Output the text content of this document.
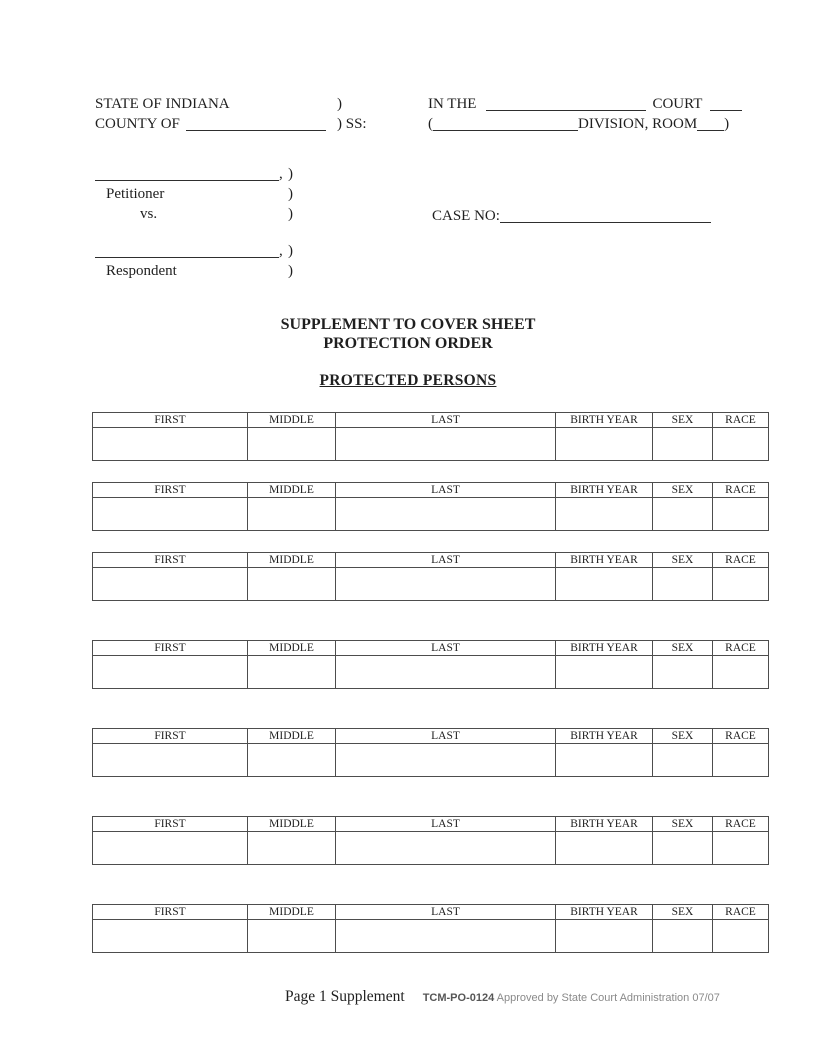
STATE OF INDIANA	)
COUNTY OF	) SS:
IN THE	COURT
(	DIVISION, ROOM )
, )
Petitioner	)
vs.	)
, )
Respondent	)
CASE NO:
SUPPLEMENT TO COVER SHEET
PROTECTION ORDER
PROTECTED PERSONS
FIRST	MIDDLE	LAST	BIRTH YEAR	SEX	RACE

FIRST	MIDDLE	LAST	BIRTH YEAR	SEX	RACE

FIRST	MIDDLE	LAST	BIRTH YEAR	SEX	RACE

FIRST	MIDDLE	LAST	BIRTH YEAR	SEX	RACE

FIRST	MIDDLE	LAST	BIRTH YEAR	SEX	RACE

FIRST	MIDDLE	LAST	BIRTH YEAR	SEX	RACE

FIRST	MIDDLE	LAST	BIRTH YEAR	SEX	RACE

Page 1 Supplement TCM-PO-0124 Approved by State Court Administration 07/07
